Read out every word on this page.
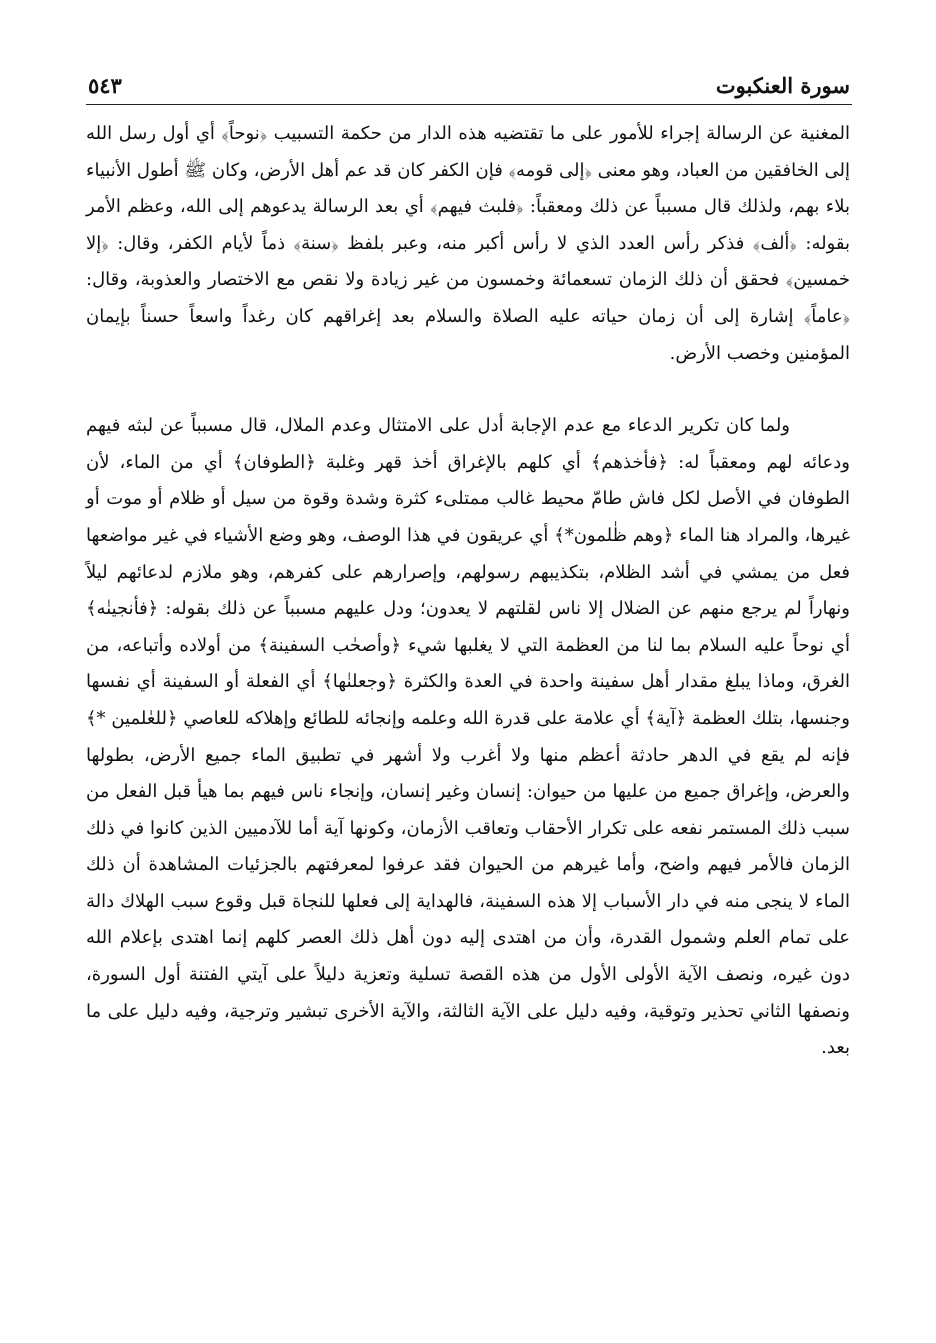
سورة العنكبوت
٥٤٣

المغنية عن الرسالة إجراء للأمور على ما تقتضيه هذه الدار من حكمة التسبيب ﴿نوحاً﴾ أي أول رسل الله إلى الخافقين من العباد، وهو معنى ﴿إلى قومه﴾ فإن الكفر كان قد عم أهل الأرض، وكان ﷺ أطول الأنبياء بلاء بهم، ولذلك قال مسبباً عن ذلك ومعقباً: ﴿فلبث فيهم﴾ أي بعد الرسالة يدعوهم إلى الله، وعظم الأمر بقوله: ﴿ألف﴾ فذكر رأس العدد الذي لا رأس أكبر منه، وعبر بلفظ ﴿سنة﴾ ذماً لأيام الكفر، وقال: ﴿إلا خمسين﴾ فحقق أن ذلك الزمان تسعمائة وخمسون من غير زيادة ولا نقص مع الاختصار والعذوبة، وقال: ﴿عاماً﴾ إشارة إلى أن زمان حياته عليه الصلاة والسلام بعد إغراقهم كان رغداً واسعاً حسناً بإيمان المؤمنين وخصب الأرض.

ولما كان تكرير الدعاء مع عدم الإجابة أدل على الامتثال وعدم الملال، قال مسبباً عن لبثه فيهم ودعائه لهم ومعقباً له: ﴿فأخذهم﴾ أي كلهم بالإغراق أخذ قهر وغلبة ﴿الطوفان﴾ أي من الماء، لأن الطوفان في الأصل لكل فاش طامّ محيط غالب ممتلىء كثرة وشدة وقوة من سيل أو ظلام أو موت أو غيرها، والمراد هنا الماء ﴿وهم ظٰلمون*﴾ أي عريقون في هذا الوصف، وهو وضع الأشياء في غير مواضعها فعل من يمشي في أشد الظلام، بتكذيبهم رسولهم، وإصرارهم على كفرهم، وهو ملازم لدعائهم ليلاً ونهاراً لم يرجع منهم عن الضلال إلا ناس لقلتهم لا يعدون؛ ودل عليهم مسبباً عن ذلك بقوله: ﴿فأنجينٰه﴾ أي نوحاً عليه السلام بما لنا من العظمة التي لا يغلبها شيء ﴿وأصحٰب السفينة﴾ من أولاده وأتباعه، من الغرق، وماذا يبلغ مقدار أهل سفينة واحدة في العدة والكثرة ﴿وجعلنٰها﴾ أي الفعلة أو السفينة أي نفسها وجنسها، بتلك العظمة ﴿آية﴾ أي علامة على قدرة الله وعلمه وإنجائه للطائع وإهلاكه للعاصي ﴿للعٰلمين *﴾ فإنه لم يقع في الدهر حادثة أعظم منها ولا أغرب ولا أشهر في تطبيق الماء جميع الأرض، بطولها والعرض، وإغراق جميع من عليها من حيوان: إنسان وغير إنسان، وإنجاء ناس فيهم بما هيأ قبل الفعل من سبب ذلك المستمر نفعه على تكرار الأحقاب وتعاقب الأزمان، وكونها آية أما للآدميين الذين كانوا في ذلك الزمان فالأمر فيهم واضح، وأما غيرهم من الحيوان فقد عرفوا لمعرفتهم بالجزئيات المشاهدة أن ذلك الماء لا ينجى منه في دار الأسباب إلا هذه السفينة، فالهداية إلى فعلها للنجاة قبل وقوع سبب الهلاك دالة على تمام العلم وشمول القدرة، وأن من اهتدى إليه دون أهل ذلك العصر كلهم إنما اهتدى بإعلام الله دون غيره، ونصف الآية الأولى الأول من هذه القصة تسلية وتعزية دليلاً على آيتي الفتنة أول السورة، ونصفها الثاني تحذير وتوقية، وفيه دليل على الآية الثالثة، والآية الأخرى تبشير وترجية، وفيه دليل على ما بعد.
